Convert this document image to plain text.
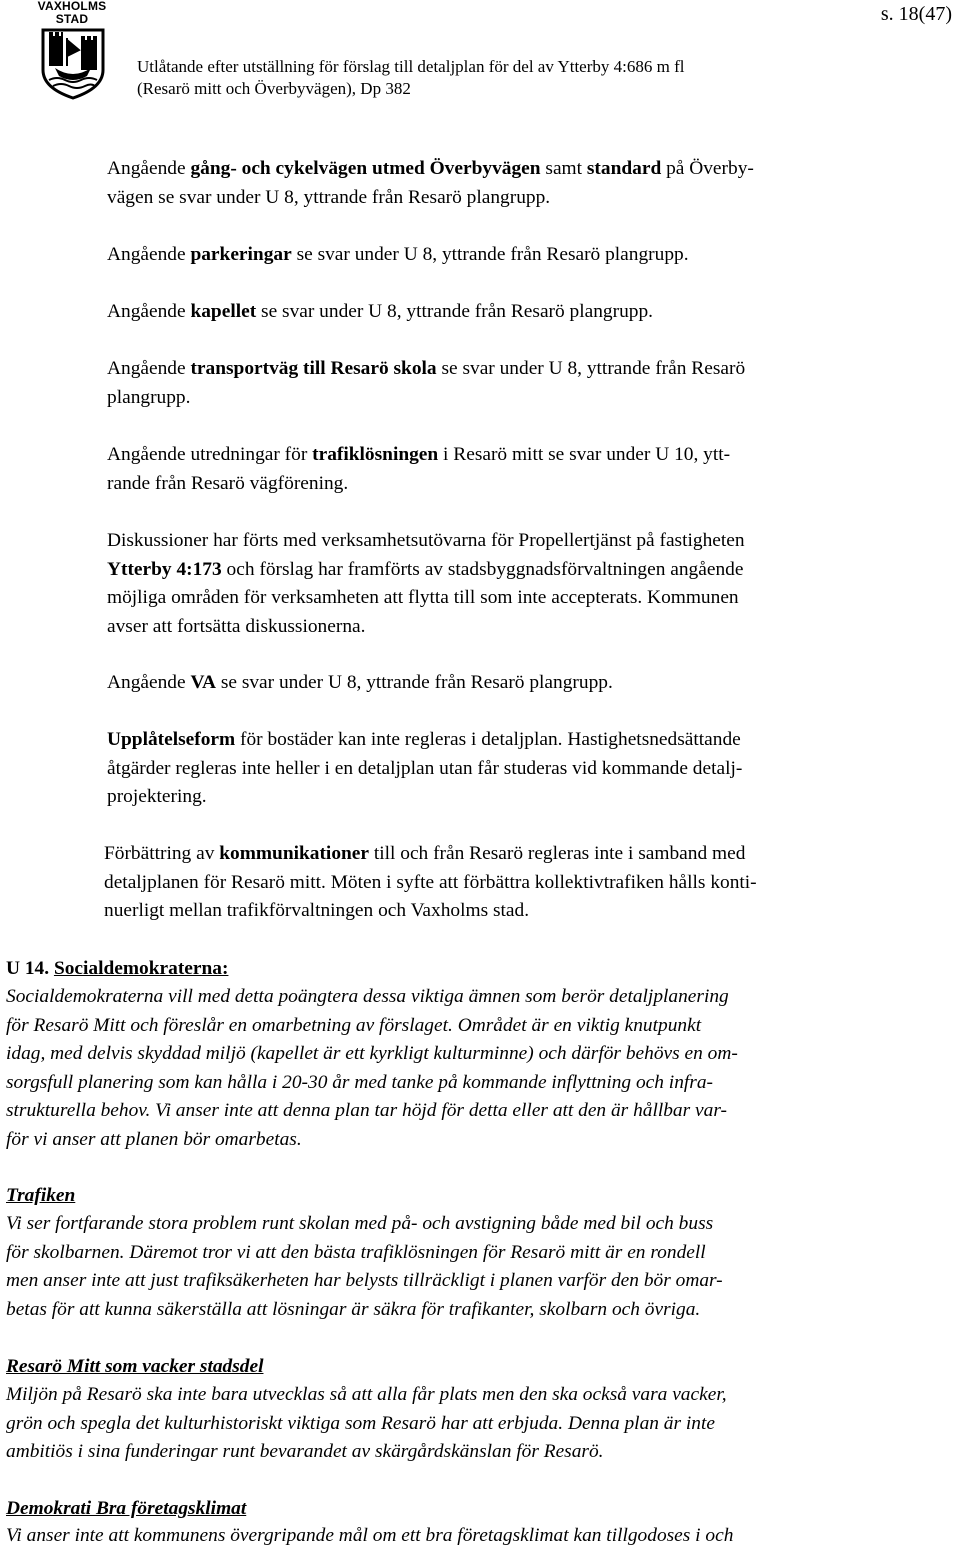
VAXHOLMS
STAD	s. 18(47)
Utlåtande efter utställning för förslag till detaljplan för del av Ytterby 4:686 m fl
(Resarö mitt och Överbyvägen), Dp 382

Angående gång- och cykelvägen utmed Överbyvägen samt standard på Överby-
vägen se svar under U 8, yttrande från Resarö plangrupp.

Angående parkeringar se svar under U 8, yttrande från Resarö plangrupp.

Angående kapellet se svar under U 8, yttrande från Resarö plangrupp.

Angående transportväg till Resarö skola se svar under U 8, yttrande från Resarö
plangrupp.

Angående utredningar för trafiklösningen i Resarö mitt se svar under U 10, ytt-
rande från Resarö vägförening.

Diskussioner har förts med verksamhetsutövarna för Propellertjänst på fastigheten
Ytterby 4:173 och förslag har framförts av stadsbyggnadsförvaltningen angående
möjliga områden för verksamheten att flytta till som inte accepterats. Kommunen
avser att fortsätta diskussionerna.

Angående VA se svar under U 8, yttrande från Resarö plangrupp.

Upplåtelseform för bostäder kan inte regleras i detaljplan. Hastighetsnedsättande
åtgärder regleras inte heller i en detaljplan utan får studeras vid kommande detalj-
projektering.

Förbättring av kommunikationer till och från Resarö regleras inte i samband med
detaljplanen för Resarö mitt. Möten i syfte att förbättra kollektivtrafiken hålls konti-
nuerligt mellan trafikförvaltningen och Vaxholms stad.

U 14. Socialdemokraterna:

Socialdemokraterna vill med detta poängtera dessa viktiga ämnen som berör detaljplanering
för Resarö Mitt och föreslår en omarbetning av förslaget. Området är en viktig knutpunkt
idag, med delvis skyddad miljö (kapellet är ett kyrkligt kulturminne) och därför behövs en om-
sorgsfull planering som kan hålla i 20-30 år med tanke på kommande inflyttning och infra-
strukturella behov. Vi anser inte att denna plan tar höjd för detta eller att den är hållbar var-
för vi anser att planen bör omarbetas.

Trafiken

Vi ser fortfarande stora problem runt skolan med på- och avstigning både med bil och buss
för skolbarnen. Däremot tror vi att den bästa trafiklösningen för Resarö mitt är en rondell
men anser inte att just trafiksäkerheten har belysts tillräckligt i planen varför den bör omar-
betas för att kunna säkerställa att lösningar är säkra för trafikanter, skolbarn och övriga.

Resarö Mitt som vacker stadsdel

Miljön på Resarö ska inte bara utvecklas så att alla får plats men den ska också vara vacker,
grön och spegla det kulturhistoriskt viktiga som Resarö har att erbjuda. Denna plan är inte
ambitiös i sina funderingar runt bevarandet av skärgårdskänslan för Resarö.

Demokrati Bra företagsklimat

Vi anser inte att kommunens övergripande mål om ett bra företagsklimat kan tillgodoses i och
